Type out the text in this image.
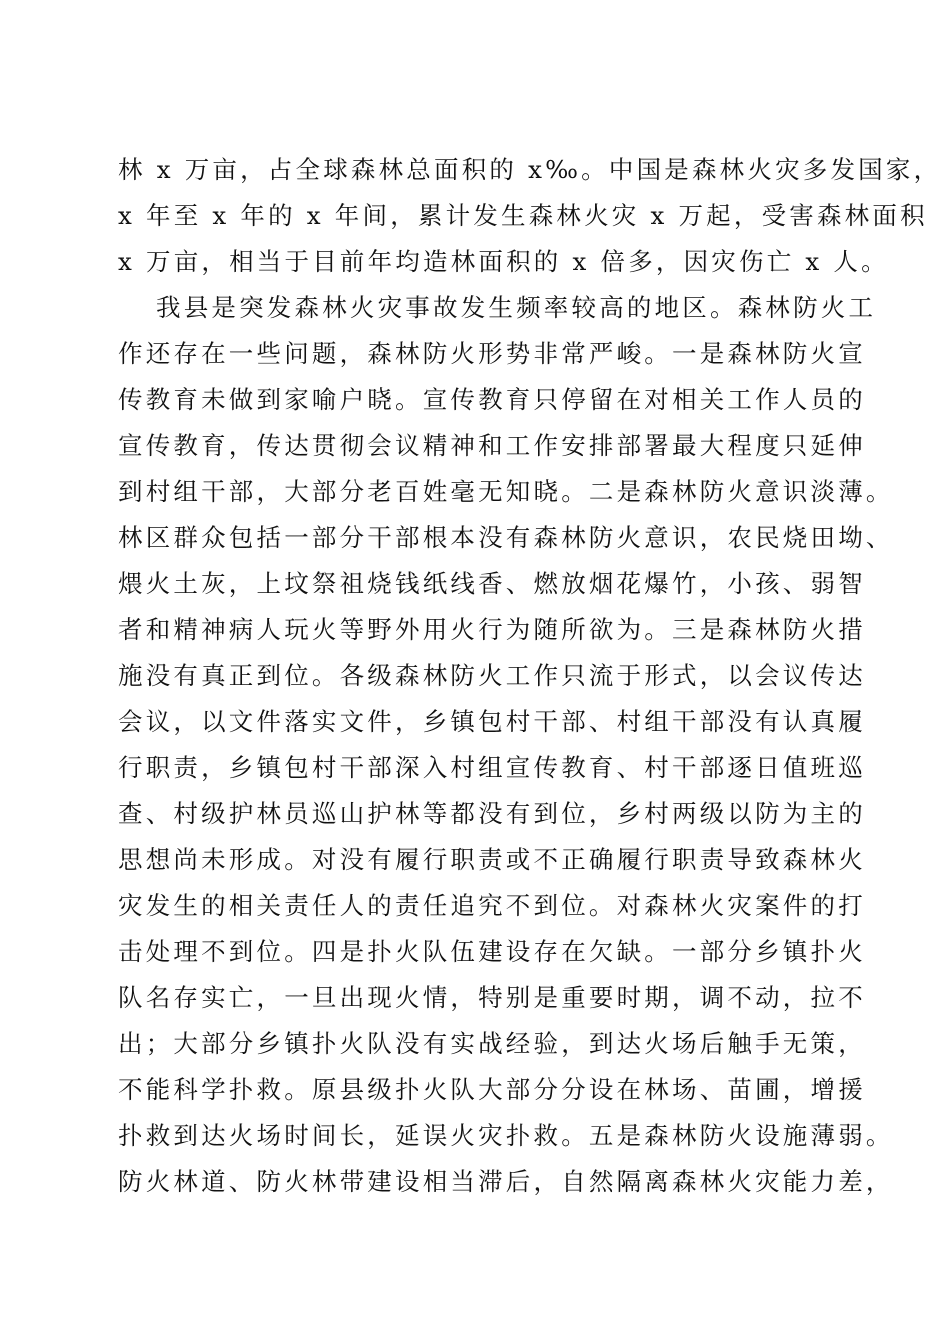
林 x 万亩，占全球森林总面积的 x‰。中国是森林火灾多发国家，
x 年至 x 年的 x 年间，累计发生森林火灾 x 万起，受害森林面积
x 万亩，相当于目前年均造林面积的 x 倍多，因灾伤亡 x 人。
我县是突发森林火灾事故发生频率较高的地区。森林防火工
作还存在一些问题，森林防火形势非常严峻。一是森林防火宣
传教育未做到家喻户晓。宣传教育只停留在对相关工作人员的
宣传教育，传达贯彻会议精神和工作安排部署最大程度只延伸
到村组干部，大部分老百姓毫无知晓。二是森林防火意识淡薄。
林区群众包括一部分干部根本没有森林防火意识，农民烧田坳、
煨火土灰，上坟祭祖烧钱纸线香、燃放烟花爆竹，小孩、弱智
者和精神病人玩火等野外用火行为随所欲为。三是森林防火措
施没有真正到位。各级森林防火工作只流于形式，以会议传达
会议，以文件落实文件，乡镇包村干部、村组干部没有认真履
行职责，乡镇包村干部深入村组宣传教育、村干部逐日值班巡
查、村级护林员巡山护林等都没有到位，乡村两级以防为主的
思想尚未形成。对没有履行职责或不正确履行职责导致森林火
灾发生的相关责任人的责任追究不到位。对森林火灾案件的打
击处理不到位。四是扑火队伍建设存在欠缺。一部分乡镇扑火
队名存实亡，一旦出现火情，特别是重要时期，调不动，拉不
出；大部分乡镇扑火队没有实战经验，到达火场后触手无策，
不能科学扑救。原县级扑火队大部分分设在林场、苗圃，增援
扑救到达火场时间长，延误火灾扑救。五是森林防火设施薄弱。
防火林道、防火林带建设相当滞后，自然隔离森林火灾能力差，
